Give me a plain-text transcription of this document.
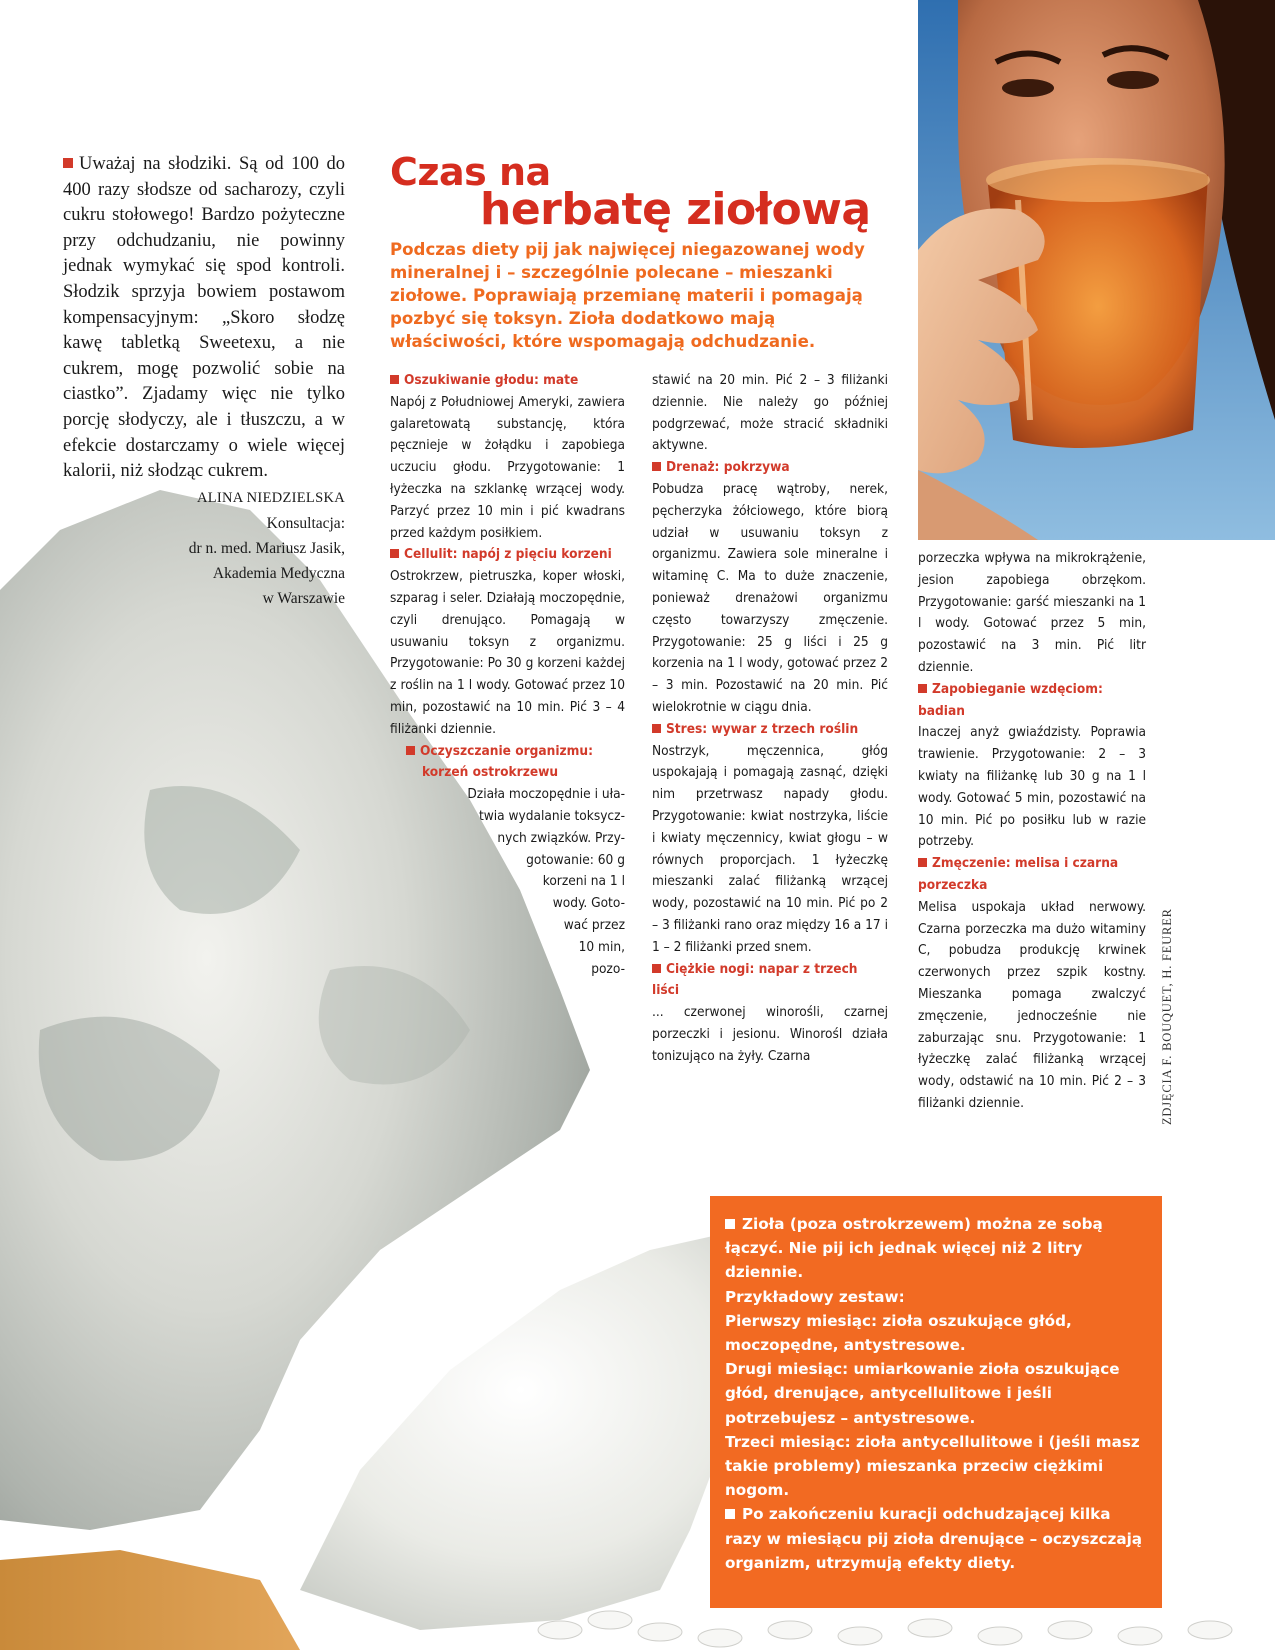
Uważaj na słodziki. Są od 100 do 400 razy słodsze od sacharozy, czyli cukru stołowego! Bardzo pożyteczne przy odchudzaniu, nie powinny jednak wymykać się spod kontroli. Słodzik sprzyja bowiem postawom kompensacyjnym: „Skoro słodzę kawę tabletką Sweetexu, a nie cukrem, mogę pozwolić sobie na ciastko”. Zjadamy więc nie tylko porcję słodyczy, ale i tłuszczu, a w efekcie dostarczamy o wiele więcej kalorii, niż słodząc cukrem.

ALINA NIEDZIELSKA
Konsultacja:
dr n. med. Mariusz Jasik,
Akademia Medyczna
w Warszawie
Czas na
herbatę ziołową

Podczas diety pij jak najwięcej niegazowanej wody mineralnej i – szczególnie polecane – mieszanki ziołowe. Poprawiają przemianę materii i pomagają pozbyć się toksyn. Zioła dodatkowo mają właściwości, które wspomagają odchudzanie.

Oszukiwanie głodu: mate

Napój z Południowej Ameryki, zawiera galaretowatą substancję, która pęcznieje w żołądku i zapobiega uczuciu głodu. Przygotowanie: 1 łyżeczka na szklankę wrzącej wody. Parzyć przez 10 min i pić kwadrans przed każdym posiłkiem.

Cellulit: napój z pięciu korzeni

Ostrokrzew, pietruszka, koper włoski, szparag i seler. Działają moczopędnie, czyli drenująco. Pomagają w usuwaniu toksyn z organizmu. Przygotowanie: Po 30 g korzeni każdej z roślin na 1 l wody. Gotować przez 10 min, pozostawić na 10 min. Pić 3 – 4 filiżanki dziennie.

Oczyszczanie organizmu:

korzeń ostrokrzewu

Działa moczopędnie i uła-
twia wydalanie toksycz-
nych związków. Przy-
gotowanie: 60 g
korzeni na 1 l
wody. Goto-
wać przez
10 min,
pozo-

stawić na 20 min. Pić 2 – 3 filiżanki dziennie. Nie należy go później podgrzewać, może stracić składniki aktywne.

Drenaż: pokrzywa

Pobudza pracę wątroby, nerek, pęcherzyka żółciowego, które biorą udział w usuwaniu toksyn z organizmu. Zawiera sole mineralne i witaminę C. Ma to duże znaczenie, ponieważ drenażowi organizmu często towarzyszy zmęczenie. Przygotowanie: 25 g liści i 25 g korzenia na 1 l wody, gotować przez 2 – 3 min. Pozostawić na 20 min. Pić wielokrotnie w ciągu dnia.

Stres: wywar z trzech roślin

Nostrzyk, męczennica, głóg uspokajają i pomagają zasnąć, dzięki nim przetrwasz napady głodu. Przygotowanie: kwiat nostrzyka, liście i kwiaty męczennicy, kwiat głogu – w równych proporcjach. 1 łyżeczkę mieszanki zalać filiżanką wrzącej wody, pozostawić na 10 min. Pić po 2 – 3 filiżanki rano oraz między 16 a 17 i 1 – 2 filiżanki przed snem.

Ciężkie nogi: napar z trzech liści

... czerwonej winorośli, czarnej porzeczki i jesionu. Winorośl działa tonizująco na żyły. Czarna

porzeczka wpływa na mikrokrążenie, jesion zapobiega obrzękom. Przygotowanie: garść mieszanki na 1 l wody. Gotować przez 5 min, pozostawić na 3 min. Pić litr dziennie.

Zapobieganie wzdęciom: badian

Inaczej anyż gwiaździsty. Poprawia trawienie. Przygotowanie: 2 – 3 kwiaty na filiżankę lub 30 g na 1 l wody. Gotować 5 min, pozostawić na 10 min. Pić po posiłku lub w razie potrzeby.

Zmęczenie: melisa i czarna porzeczka

Melisa uspokaja układ nerwowy. Czarna porzeczka ma dużo witaminy C, pobudza produkcję krwinek czerwonych przez szpik kostny. Mieszanka pomaga zwalczyć zmęczenie, jednocześnie nie zaburzając snu. Przygotowanie: 1 łyżeczkę zalać filiżanką wrzącej wody, odstawić na 10 min. Pić 2 – 3 filiżanki dziennie.	ZDJĘCIA F. BOUQUET, H. FEURER

Zioła (poza ostrokrzewem) można ze sobą łączyć. Nie pij ich jednak więcej niż 2 litry dziennie.

Przykładowy zestaw:

Pierwszy miesiąc: zioła oszukujące głód, moczopędne, antystresowe.

Drugi miesiąc: umiarkowanie zioła oszukujące głód, drenujące, antycellulitowe i jeśli potrzebujesz – antystresowe.

Trzeci miesiąc: zioła antycellulitowe i (jeśli masz takie problemy) mieszanka przeciw ciężkimi nogom.

Po zakończeniu kuracji odchudzającej kilka razy w miesiącu pij zioła drenujące – oczyszczają organizm, utrzymują efekty diety.
